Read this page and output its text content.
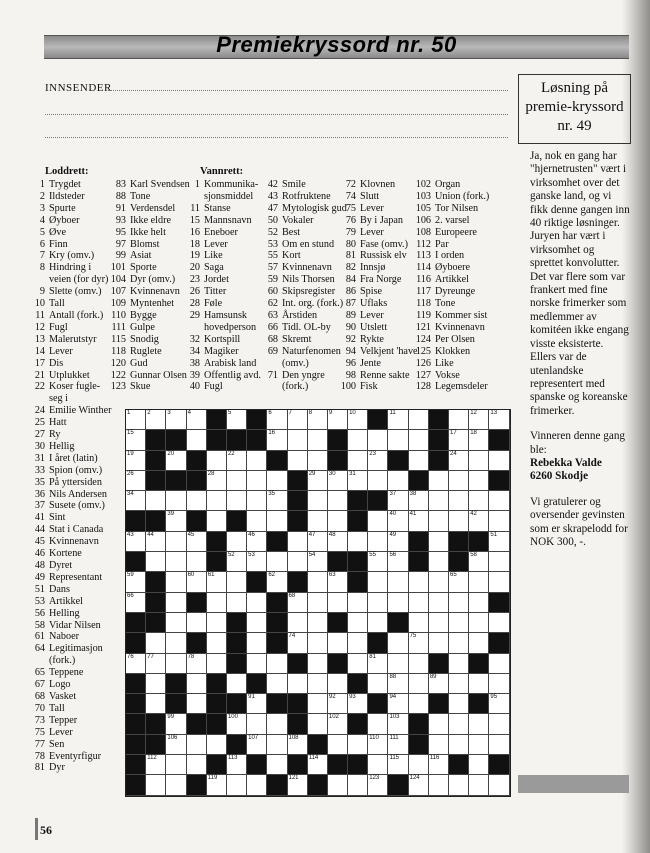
Premiekryssord nr. 50
INNSENDER	Løsning på premie-kryssord nr. 49

Ja, nok en gang har "hjernetrusten" vært i virksomhet over det ganske land, og vi fikk denne gangen inn 40 riktige løsninger. Juryen har vært i virksomhet og sprettet konvolutter. Det var flere som var frankert med fine norske frimerker som medlemmer av komitéen ikke engang visste eksisterte. Ellers var de utenlandske representert med spanske og koreanske frimerker.

Vinneren denne gang ble:

Rebekka Valde
6260 Skodje

Vi gratulerer og oversender gevinsten som er skrapelodd for NOK 300, -.

Loddrett:	Vannrett:
1 Trygdet
2 Ildsteder
3 Spurte
4 Øyboer
5 Øve
6 Finn
7 Kry (omv.)
8 Hindring i
veien (for dyr)
9 Slette (omv.)
10 Tall
11 Antall (fork.)
12 Fugl
13 Malerutstyr
14 Lever
17 Dis
21 Utplukket
22 Koser fugle-
seg i
24 Emilie Winther
25 Hatt
27 Ry
30 Hellig
31 I året (latin)
33 Spion (omv.)
35 På yttersiden
36 Nils Andersen
37 Susete (omv.)
41 Sint
44 Stat i Canada
45 Kvinnenavn
46 Kortene
48 Dyret
49 Representant
51 Dans
53 Artikkel
56 Helling
58 Vidar Nilsen
61 Naboer
64 Legitimasjon
(fork.)
65 Teppene
67 Logo
68 Vasket
70 Tall
73 Tepper
75 Lever
77 Sen
78 Eventyrfigur
81 Dyr
83 Karl Svendsen
88 Tone
91 Verdensdel
93 Ikke eldre
95 Ikke helt
97 Blomst
99 Asiat
101 Sporte
104 Dyr (omv.)
107 Kvinnenavn
109 Myntenhet
110 Bygge
111 Gulpe
115 Snodig
118 Ruglete
120 Gud
122 Gunnar Olsen
123 Skue
1 Kommunika-
sjonsmiddel
11 Stanse
15 Mannsnavn
16 Eneboer
18 Lever
19 Like
20 Saga
23 Jordet
26 Titter
28 Føle
29 Hamsunsk
hovedperson
32 Kortspill
34 Magiker
38 Arabisk land
39 Offentlig avd.
40 Fugl
42 Smile
43 Rotfruktene
47 Mytologisk gud
50 Vokaler
52 Best
53 Om en stund
55 Kort
57 Kvinnenavn
59 Nils Thorsen
60 Skipsregister
62 Int. org. (fork.)
63 Årstiden
66 Tidl. OL-by
68 Skremt
69 Naturfenomen
(omv.)
71 Den yngre
(fork.)
72 Klovnen
74 Slutt
75 Lever
76 By i Japan
79 Lever
80 Fase (omv.)
81 Russisk elv
82 Innsjø
84 Fra Norge
86 Spise
87 Uflaks
89 Lever
90 Utslett
92 Rykte
94 Velkjent 'have'
96 Jente
98 Renne sakte
100 Fisk
102 Organ
103 Union (fork.)
105 Tor Nilsen
106 2. varsel
108 Europeere
112 Par
113 I orden
114 Øyboere
116 Artikkel
117 Dyreunge
118 Tone
119 Kommer sist
121 Kvinnenavn
124 Per Olsen
125 Klokken
126 Like
127 Vokse
128 Legemsdeler
1	2	3	4	5	6	7	8	9	10	11	12 13
15	16	17 18
19	20	22	23	24
26	28	29 30 31
34	35	37 38
39	40 41	42
43 44	45	46	47 48	49	51
52 53	54	55 56	58
59	60 61	62	63	65
66	68
74	75
76 77	78	81
88	89
91	92 93	94	95
99	100	102	103
106	107	108	110 111
112	113	114	115	116
119	121	123	124
56
